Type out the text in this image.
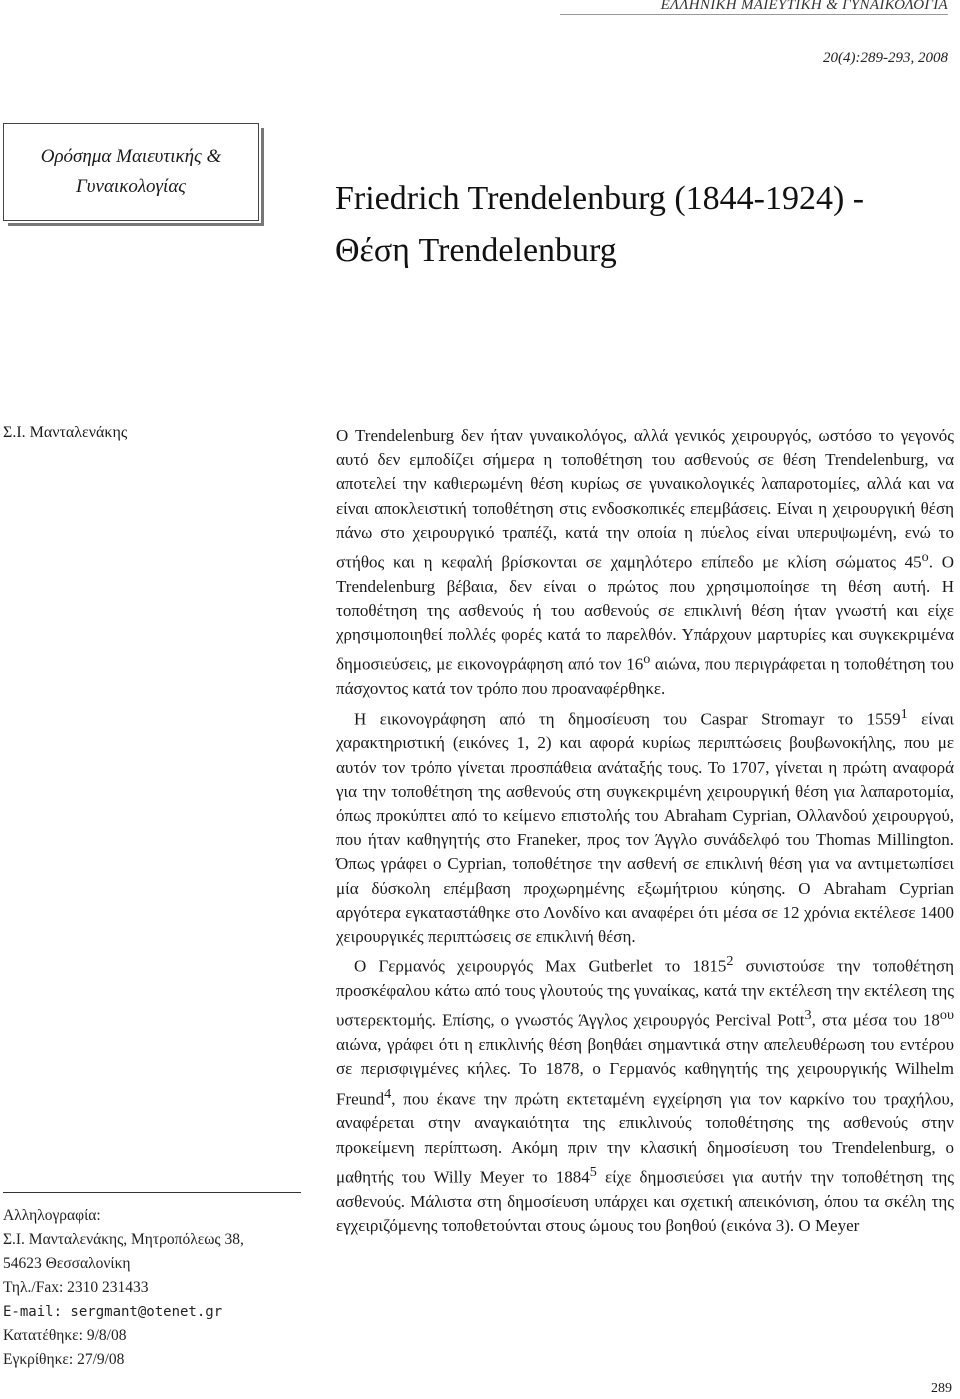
ΕΛΛΗΝΙΚΗ ΜΑΙΕΥΤΙΚΗ & ΓΥΝΑΙΚΟΛΟΓΙΑ
20(4):289-293, 2008
Ορόσημα Μαιευτικής &
Γυναικολογίας	Friedrich Trendelenburg (1844-1924) -
Θέση Trendelenburg
Σ.Ι. Μανταλενάκης
Αλληλογραφία:
Σ.Ι. Μανταλενάκης, Μητροπόλεως 38,
54623 Θεσσαλονίκη
Τηλ./Fax: 2310 231433
E-mail: sergmant@otenet.gr
Κατατέθηκε: 9/8/08
Εγκρίθηκε: 27/9/08

Ο Trendelenburg δεν ήταν γυναικολόγος, αλλά γενικός χειρουργός, ωστόσο το γεγονός αυτό δεν εμποδίζει σήμερα η τοποθέτηση του ασθενούς σε θέση Trendelenburg, να αποτελεί την καθιερωμένη θέση κυρίως σε γυναικολογικές λαπαροτομίες, αλλά και να είναι αποκλειστική τοποθέτηση στις ενδοσκοπικές επεμβάσεις. Είναι η χειρουργική θέση πάνω στο χειρουργικό τραπέζι, κατά την οποία η πύελος είναι υπερυψωμένη, ενώ το στήθος και η κεφαλή βρίσκονται σε χαμηλότερο επίπεδο με κλίση σώματος $45^o$. Ο Trendelenburg βέβαια, δεν είναι ο πρώτος που χρησιμοποίησε τη θέση αυτή. Η τοποθέτηση της ασθενούς ή του ασθενούς σε επικλινή θέση ήταν γνωστή και είχε χρησιμοποιηθεί πολλές φορές κατά το παρελθόν. Υπάρχουν μαρτυρίες και συγκεκριμένα δημοσιεύσεις, με εικονογράφηση από τον $16^o$ αιώνα, που περιγράφεται η τοποθέτηση του πάσχοντος κατά τον τρόπο που προαναφέρθηκε.

Η εικονογράφηση από τη δημοσίευση του Caspar Stromayr το 1559$^1$ είναι χαρακτηριστική (εικόνες 1, 2) και αφορά κυρίως περιπτώσεις βουβωνοκήλης, που με αυτόν τον τρόπο γίνεται προσπάθεια ανάταξής τους. Το 1707, γίνεται η πρώτη αναφορά για την τοποθέτηση της ασθενούς στη συγκεκριμένη χειρουργική θέση για λαπαροτομία, όπως προκύπτει από το κείμενο επιστολής του Abraham Cyprian, Ολλανδού χειρουργού, που ήταν καθηγητής στο Franeker, προς τον Άγγλο συνάδελφό του Thomas Millington. Όπως γράφει ο Cyprian, τοποθέτησε την ασθενή σε επικλινή θέση για να αντιμετωπίσει μία δύσκολη επέμβαση προχωρημένης εξωμήτριου κύησης. Ο Abraham Cyprian αργότερα εγκαταστάθηκε στο Λονδίνο και αναφέρει ότι μέσα σε 12 χρόνια εκτέλεσε 1400 χειρουργικές περιπτώσεις σε επικλινή θέση.

Ο Γερμανός χειρουργός Max Gutberlet το 1815$^2$ συνιστούσε την τοποθέτηση προσκέφαλου κάτω από τους γλουτούς της γυναίκας, κατά την εκτέλεση την εκτέλεση της υστερεκτομής. Επίσης, ο γνωστός Άγγλος χειρουργός Percival Pott$^3$, στα μέσα του $18^{o\upsilon}$ αιώνα, γράφει ότι η επικλινής θέση βοηθάει σημαντικά στην απελευθέρωση του εντέρου σε περισφιγμένες κήλες. Το 1878, ο Γερμανός καθηγητής της χειρουργικής Wilhelm Freund$^4$, που έκανε την πρώτη εκτεταμένη εγχείρηση για τον καρκίνο του τραχήλου, αναφέρεται στην αναγκαιότητα της επικλινούς τοποθέτησης της ασθενούς στην προκείμενη περίπτωση. Ακόμη πριν την κλασική δημοσίευση του Trendelenburg, ο μαθητής του Willy Meyer το 1884$^5$ είχε δημοσιεύσει για αυτήν την τοποθέτηση της ασθενούς. Μάλιστα στη δημοσίευση υπάρχει και σχετική απεικόνιση, όπου τα σκέλη της εγχειριζόμενης τοποθετούνται στους ώμους του βοηθού (εικόνα 3). Ο Meyer

289
